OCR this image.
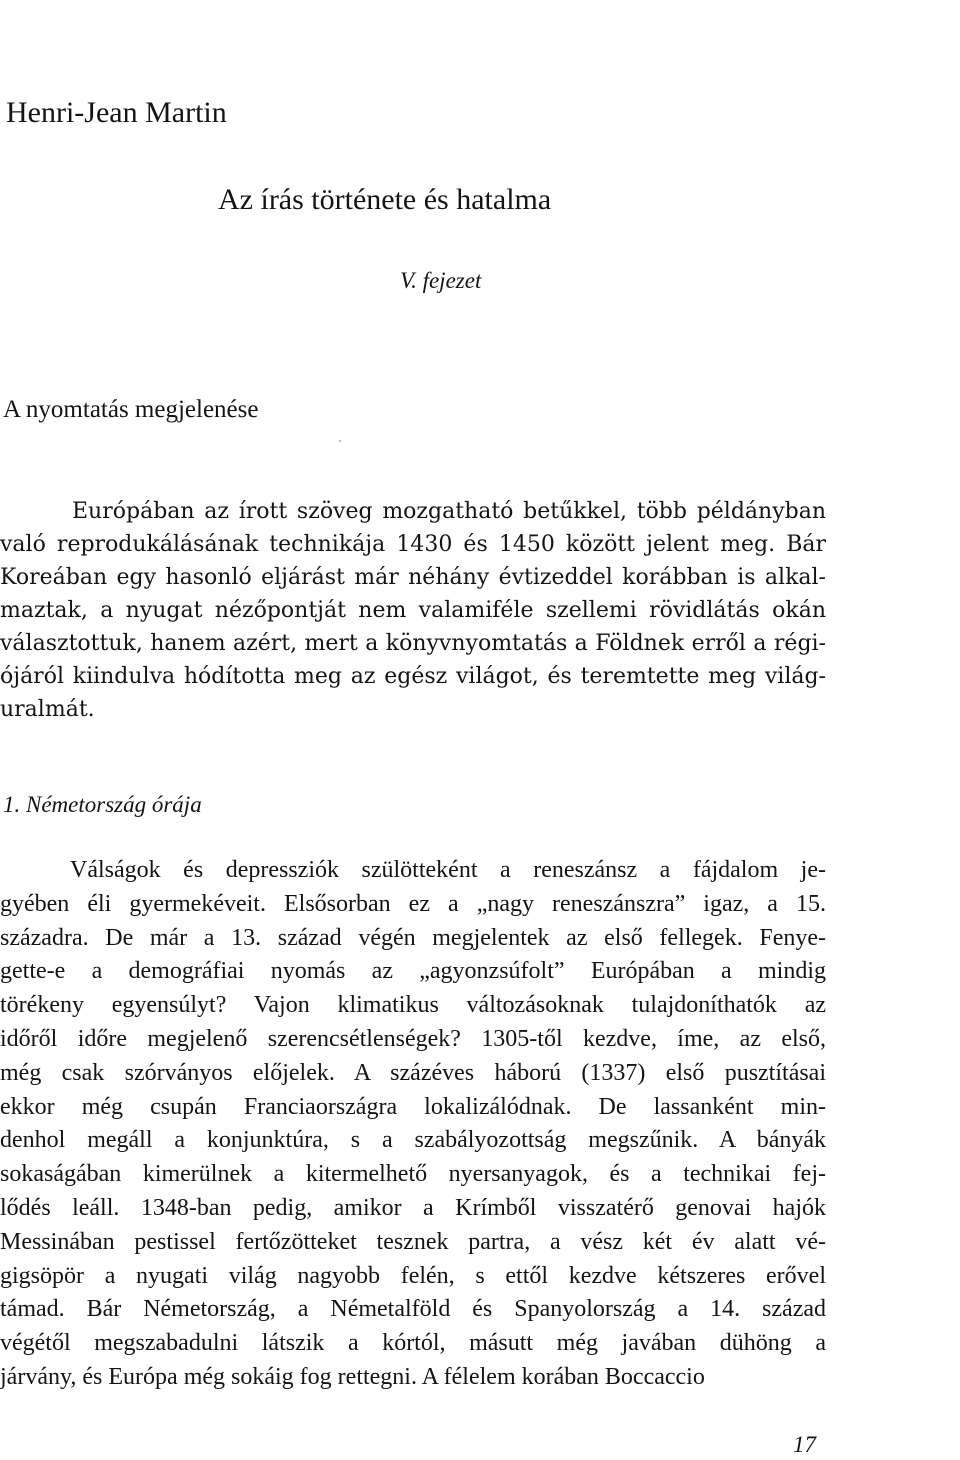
Henri-Jean Martin
Az írás története és hatalma
V. fejezet
A nyomtatás megjelenése
Európában az írott szöveg mozgatható betűkkel, több példányban
való reprodukálásának technikája 1430 és 1450 között jelent meg. Bár
Koreában egy hasonló eljárást már néhány évtizeddel korábban is alkal-
maztak, a nyugat nézőpontját nem valamiféle szellemi rövidlátás okán
választottuk, hanem azért, mert a könyvnyomtatás a Földnek erről a régi-
ójáról kiindulva hódította meg az egész világot, és teremtette meg világ-
uralmát.
1. Németország órája
Válságok és depressziók szülötteként a reneszánsz a fájdalom je-
gyében éli gyermekéveit. Elsősorban ez a „nagy reneszánszra” igaz, a 15.
századra. De már a 13. század végén megjelentek az első fellegek. Fenye-
gette-e a demográfiai nyomás az „agyonzsúfolt” Európában a mindig
törékeny egyensúlyt? Vajon klimatikus változásoknak tulajdoníthatók az
időről időre megjelenő szerencsétlenségek? 1305-től kezdve, íme, az első,
még csak szórványos előjelek. A százéves háború (1337) első pusztításai
ekkor még csupán Franciaországra lokalizálódnak. De lassanként min-
denhol megáll a konjunktúra, s a szabályozottság megszűnik. A bányák
sokaságában kimerülnek a kitermelhető nyersanyagok, és a technikai fej-
lődés leáll. 1348-ban pedig, amikor a Krímből visszatérő genovai hajók
Messinában pestissel fertőzötteket tesznek partra, a vész két év alatt vé-
gigsöpör a nyugati világ nagyobb felén, s ettől kezdve kétszeres erővel
támad. Bár Németország, a Németalföld és Spanyolország a 14. század
végétől megszabadulni látszik a kórtól, másutt még javában dühöng a
járvány, és Európa még sokáig fog rettegni. A félelem korában Boccaccio
17
